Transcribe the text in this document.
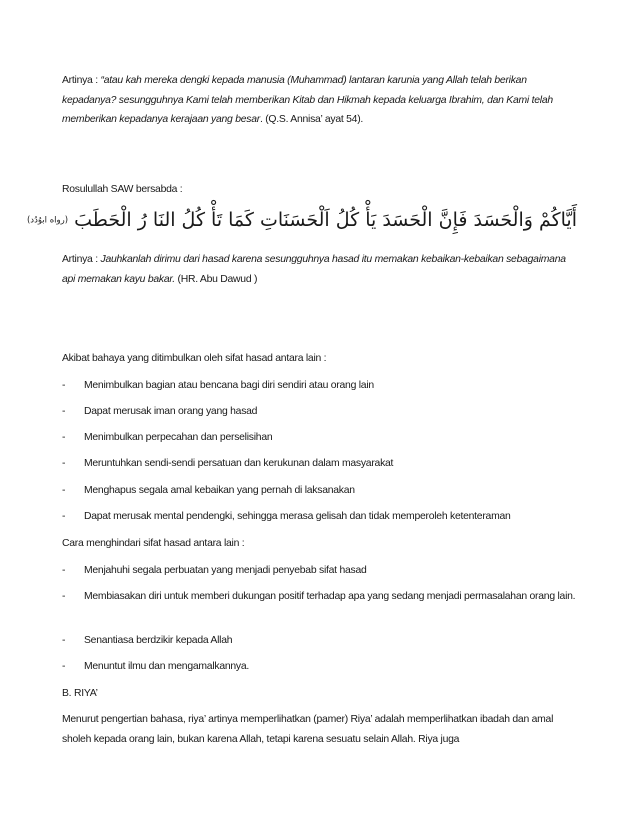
Artinya : “atau kah mereka dengki kepada manusia (Muhammad) lantaran karunia yang Allah telah berikan kepadanya? sesungguhnya Kami telah memberikan Kitab dan Hikmah kepada keluarga Ibrahim, dan Kami telah memberikan kepadanya kerajaan yang besar. (Q.S. Annisa’ ayat 54).

Rosulullah SAW bersabda :

أَيَّاكُمْ وَالْحَسَدَ فَإِنَّ الْحَسَدَ يَأْ كُلُ اَلْحَسَنَاتِ كَمَا تَأْ كُلُ النَا رُ الْحَطَبَ (رواه ابوُدُد)

Artinya : Jauhkanlah dirimu dari hasad karena sesungguhnya hasad itu memakan kebaikan-kebaikan sebagaimana api memakan kayu bakar. (HR. Abu Dawud )

Akibat bahaya yang ditimbulkan oleh sifat hasad antara lain :

- Menimbulkan bagian atau bencana bagi diri sendiri atau orang lain

- Dapat merusak iman orang yang hasad

- Menimbulkan perpecahan dan perselisihan

- Meruntuhkan sendi-sendi persatuan dan kerukunan dalam masyarakat

- Menghapus segala amal kebaikan yang pernah di laksanakan

- Dapat merusak mental pendengki, sehingga merasa gelisah dan tidak memperoleh ketenteraman

Cara menghindari sifat hasad antara lain :

- Menjahuhi segala perbuatan yang menjadi penyebab sifat hasad

- Membiasakan diri untuk memberi dukungan positif terhadap apa yang sedang menjadi permasalahan orang lain.

- Senantiasa berdzikir kepada Allah

- Menuntut ilmu dan mengamalkannya.

B. RIYA’

Menurut pengertian bahasa, riya’ artinya memperlihatkan (pamer) Riya’ adalah memperlihatkan ibadah dan amal sholeh kepada orang lain, bukan karena Allah, tetapi karena sesuatu selain Allah. Riya juga
